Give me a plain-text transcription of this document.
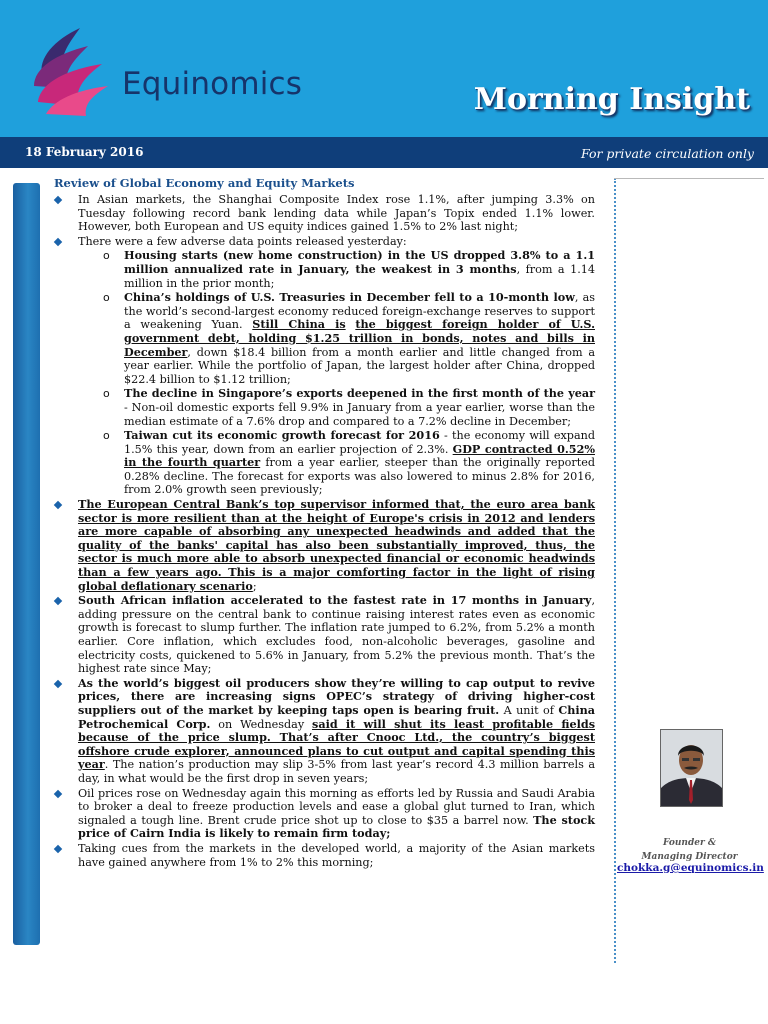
Equinomics	Morning Insight
18 February 2016	For private circulation only
Review of Global Economy and Equity Markets
In Asian markets, the Shanghai Composite Index rose 1.1%, after jumping 3.3% on Tuesday following record bank lending data while Japan’s Topix ended 1.1% lower. However, both European and US equity indices gained 1.5% to 2% last night;
There were a few adverse data points released yesterday:
o Housing starts (new home construction) in the US dropped 3.8% to a 1.1 million annualized rate in January, the weakest in 3 months, from a 1.14 million in the prior month;
o China’s holdings of U.S. Treasuries in December fell to a 10-month low, as the world’s second-largest economy reduced foreign-exchange reserves to support a weakening Yuan. Still China is the biggest foreign holder of U.S. government debt, holding $1.25 trillion in bonds, notes and bills in December, down $18.4 billion from a month earlier and little changed from a year earlier. While the portfolio of Japan, the largest holder after China, dropped $22.4 billion to $1.12 trillion;
o The decline in Singapore’s exports deepened in the first month of the year - Non-oil domestic exports fell 9.9% in January from a year earlier, worse than the median estimate of a 7.6% drop and compared to a 7.2% decline in December;
o Taiwan cut its economic growth forecast for 2016 - the economy will expand 1.5% this year, down from an earlier projection of 2.3%. GDP contracted 0.52% in the fourth quarter from a year earlier, steeper than the originally reported 0.28% decline. The forecast for exports was also lowered to minus 2.8% for 2016, from 2.0% growth seen previously;
The European Central Bank’s top supervisor informed that, the euro area bank sector is more resilient than at the height of Europe's crisis in 2012 and lenders are more capable of absorbing any unexpected headwinds and added that the quality of the banks' capital has also been substantially improved, thus, the sector is much more able to absorb unexpected financial or economic headwinds than a few years ago. This is a major comforting factor in the light of rising global deflationary scenario;
South African inflation accelerated to the fastest rate in 17 months in January, adding pressure on the central bank to continue raising interest rates even as economic growth is forecast to slump further. The inflation rate jumped to 6.2%, from 5.2% a month earlier. Core inflation, which excludes food, non-alcoholic beverages, gasoline and electricity costs, quickened to 5.6% in January, from 5.2% the previous month. That’s the highest rate since May;
As the world’s biggest oil producers show they’re willing to cap output to revive prices, there are increasing signs OPEC’s strategy of driving higher-cost suppliers out of the market by keeping taps open is bearing fruit. A unit of China Petrochemical Corp. on Wednesday said it will shut its least profitable fields because of the price slump. That’s after Cnooc Ltd., the country’s biggest offshore crude explorer, announced plans to cut output and capital spending this year. The nation’s production may slip 3-5% from last year’s record 4.3 million barrels a day, in what would be the first drop in seven years;
Oil prices rose on Wednesday again this morning as efforts led by Russia and Saudi Arabia to broker a deal to freeze production levels and ease a global glut turned to Iran, which signaled a tough line. Brent crude price shot up to close to $35 a barrel now. The stock price of Cairn India is likely to remain firm today;
Taking cues from the markets in the developed world, a majority of the Asian markets have gained anywhere from 1% to 2% this morning;
Founder &
Managing Director
chokka.g@equinomics.in
